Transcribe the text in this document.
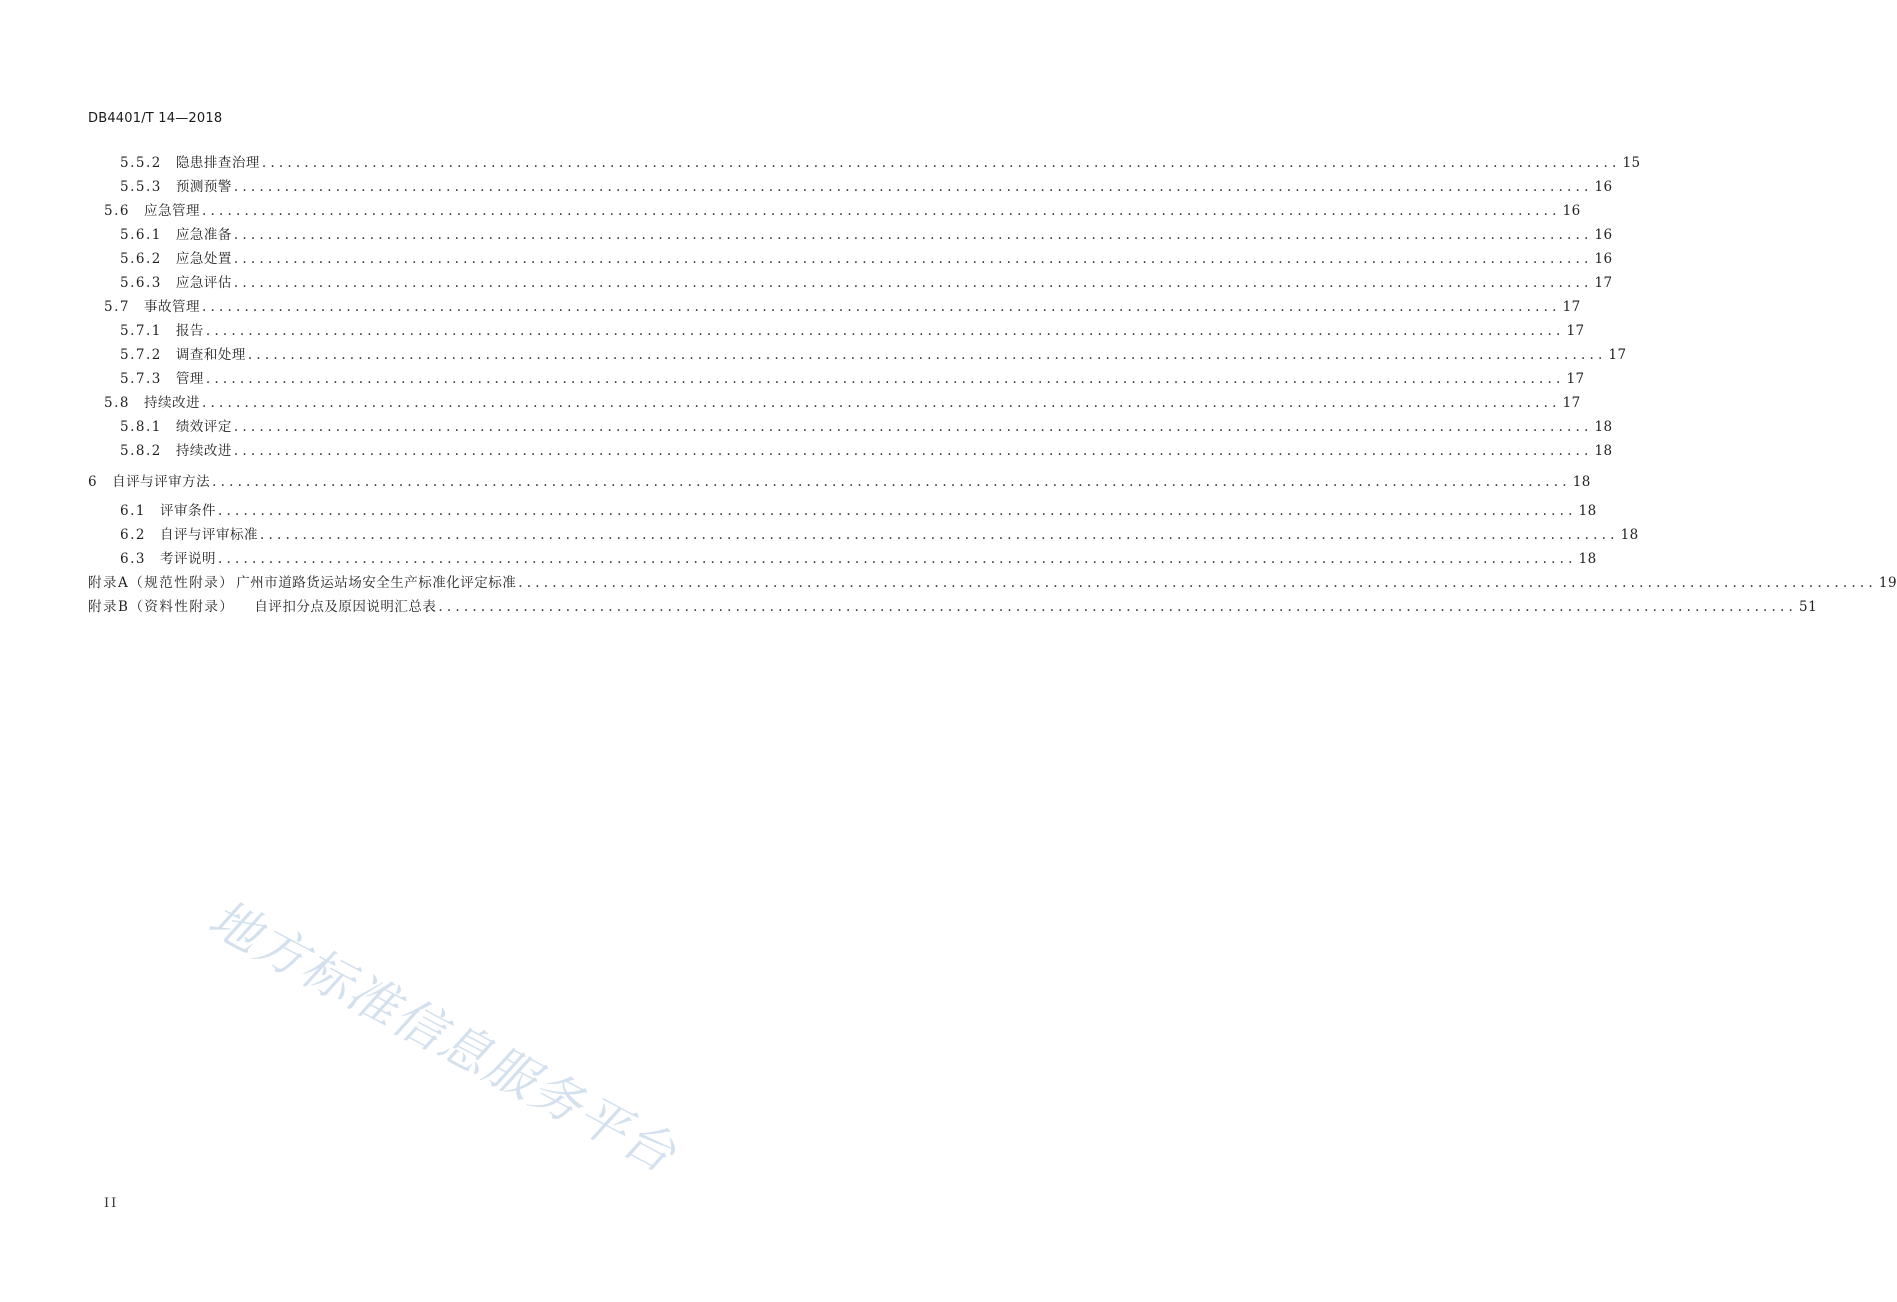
DB4401/T 14—2018
5.5.2 隐患排查治理 ................................................................................................................................................................ 15
5.5.3 预测预警 ................................................................................................................................................................ 16
5.6 应急管理 ................................................................................................................................................................ 16
5.6.1 应急准备 ................................................................................................................................................................ 16
5.6.2 应急处置 ................................................................................................................................................................ 16
5.6.3 应急评估 ................................................................................................................................................................ 17
5.7 事故管理 ................................................................................................................................................................ 17
5.7.1 报告 ................................................................................................................................................................ 17
5.7.2 调查和处理 ................................................................................................................................................................ 17
5.7.3 管理 ................................................................................................................................................................ 17
5.8 持续改进 ................................................................................................................................................................ 17
5.8.1 绩效评定 ................................................................................................................................................................ 18
5.8.2 持续改进 ................................................................................................................................................................ 18
6 自评与评审方法 ................................................................................................................................................................ 18
6.1 评审条件 ................................................................................................................................................................ 18
6.2 自评与评审标准 ................................................................................................................................................................ 18
6.3 考评说明 ................................................................................................................................................................ 18
附录A（规范性附录） 广州市道路货运站场安全生产标准化评定标准 ................................................................................................................................................................ 19
附录B（资料性附录） 自评扣分点及原因说明汇总表 ................................................................................................................................................................ 51
地方标准信息服务平台
II
